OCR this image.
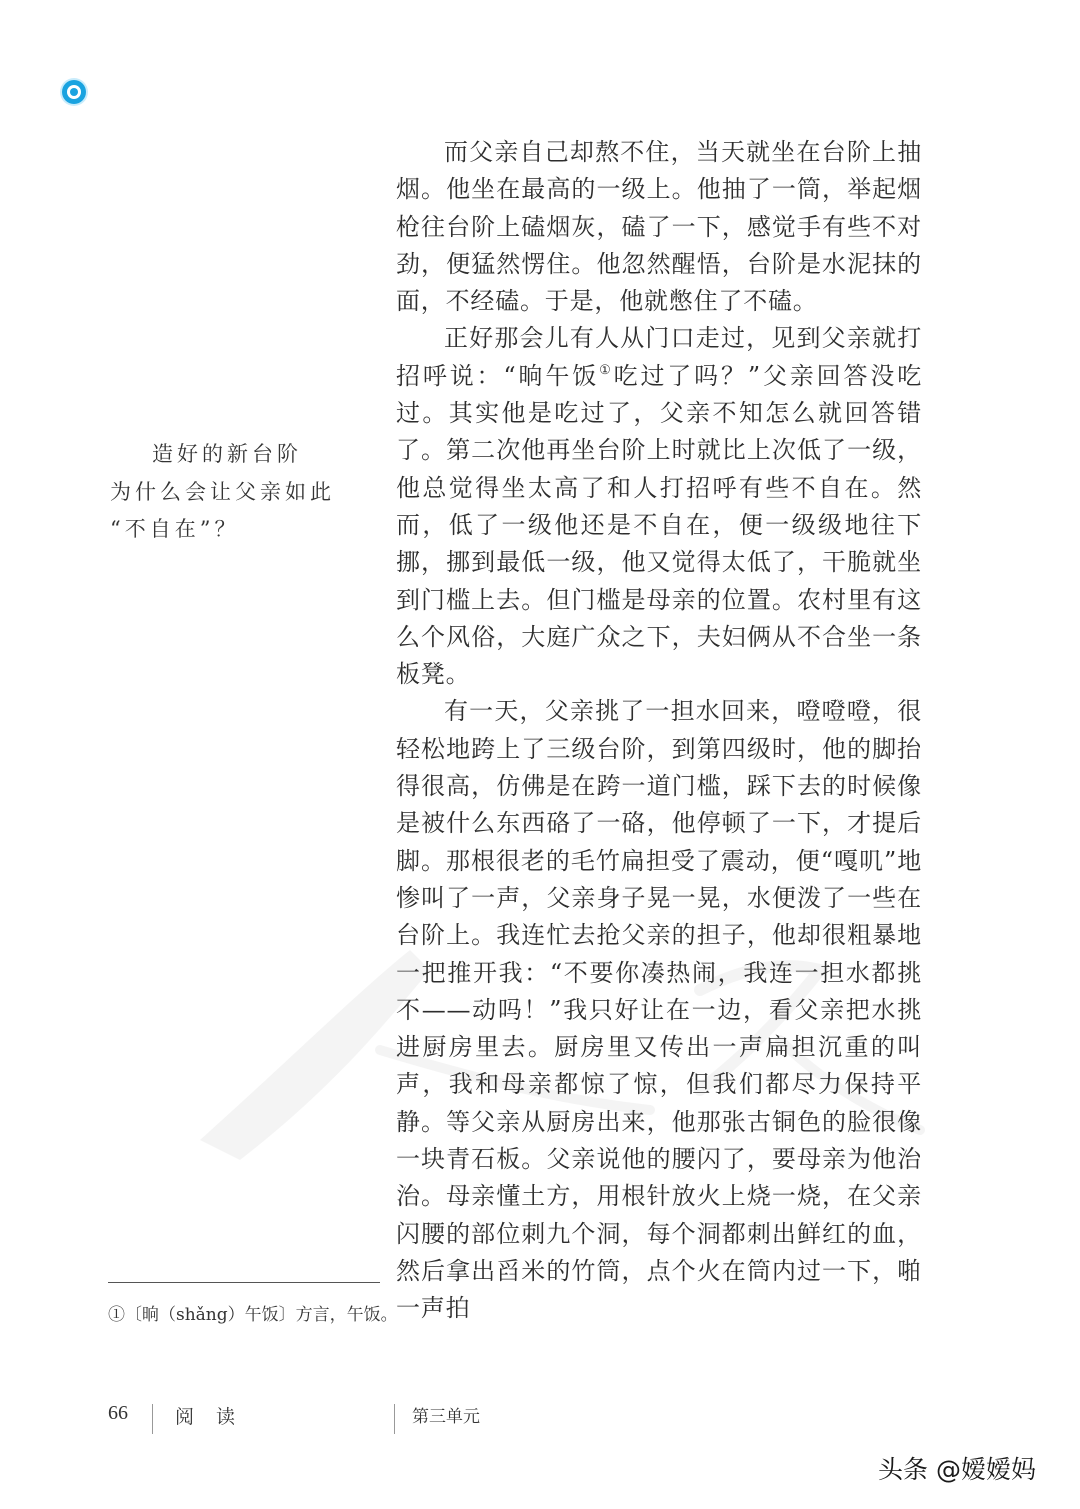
造好的新台阶

为什么会让父亲如此
“不自在”？

而父亲自己却熬不住，当天就坐在台阶上抽烟。他坐在最高的一级上。他抽了一筒，举起烟枪往台阶上磕烟灰，磕了一下，感觉手有些不对劲，便猛然愣住。他忽然醒悟，台阶是水泥抹的面，不经磕。于是，他就憋住了不磕。

正好那会儿有人从门口走过，见到父亲就打招呼说：“晌午饭①吃过了吗？”父亲回答没吃过。其实他是吃过了，父亲不知怎么就回答错了。第二次他再坐台阶上时就比上次低了一级，他总觉得坐太高了和人打招呼有些不自在。然而，低了一级他还是不自在，便一级级地往下挪，挪到最低一级，他又觉得太低了，干脆就坐到门槛上去。但门槛是母亲的位置。农村里有这么个风俗，大庭广众之下，夫妇俩从不合坐一条板凳。

有一天，父亲挑了一担水回来，噔噔噔，很轻松地跨上了三级台阶，到第四级时，他的脚抬得很高，仿佛是在跨一道门槛，踩下去的时候像是被什么东西硌了一硌，他停顿了一下，才提后脚。那根很老的毛竹扁担受了震动，便“嘎叽”地惨叫了一声，父亲身子晃一晃，水便泼了一些在台阶上。我连忙去抢父亲的担子，他却很粗暴地一把推开我：“不要你凑热闹，我连一担水都挑不——动吗！”我只好让在一边，看父亲把水挑进厨房里去。厨房里又传出一声扁担沉重的叫声，我和母亲都惊了惊，但我们都尽力保持平静。等父亲从厨房出来，他那张古铜色的脸很像一块青石板。父亲说他的腰闪了，要母亲为他治治。母亲懂土方，用根针放火上烧一烧，在父亲闪腰的部位刺九个洞，每个洞都刺出鲜红的血，然后拿出舀米的竹筒，点个火在筒内过一下，啪一声拍

①〔晌（shǎng）午饭〕方言，午饭。
66 阅 读	第三单元
头条 @嫒嫒妈
